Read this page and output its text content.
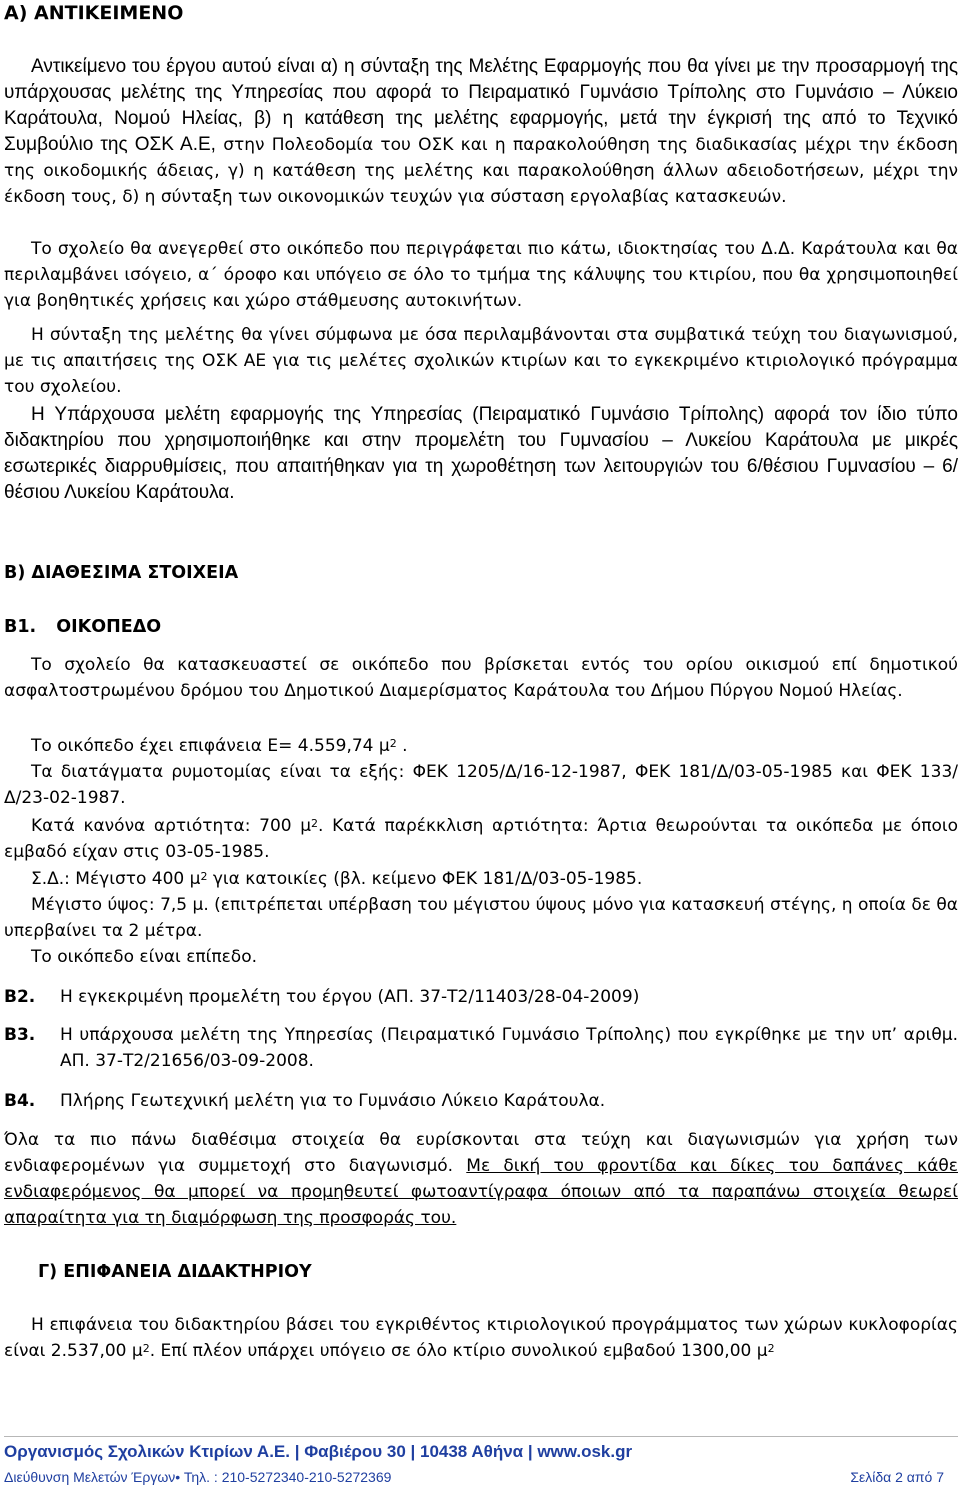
Α) ΑΝΤΙΚΕΙΜΕΝΟ
Αντικείμενο του έργου αυτού είναι α) η σύνταξη της Μελέτης Εφαρμογής που θα γίνει με την προσαρμογή της υπάρχουσας μελέτης της Υπηρεσίας που αφορά το Πειραματικό Γυμνάσιο Τρίπολης στο Γυμνάσιο – Λύκειο Καράτουλα, Νομού Ηλείας, β) η κατάθεση της μελέτης εφαρμογής, μετά την έγκρισή της από το Τεχνικό Συμβούλιο της ΟΣΚ Α.Ε, στην Πολεοδομία του ΟΣΚ και η παρακολούθηση της διαδικασίας μέχρι την έκδοση της οικοδομικής άδειας, γ) η κατάθεση της μελέτης και παρακολούθηση άλλων αδειοδοτήσεων, μέχρι την έκδοση τους, δ) η σύνταξη των οικονομικών τευχών για σύσταση εργολαβίας κατασκευών.
Το σχολείο θα ανεγερθεί στο οικόπεδο που περιγράφεται πιο κάτω, ιδιοκτησίας του Δ.Δ. Καράτουλα και θα περιλαμβάνει ισόγειο, α΄ όροφο και υπόγειο σε όλο το τμήμα της κάλυψης του κτιρίου, που θα χρησιμοποιηθεί για βοηθητικές χρήσεις και χώρο στάθμευσης αυτοκινήτων.
Η σύνταξη της μελέτης θα γίνει σύμφωνα με όσα περιλαμβάνονται στα συμβατικά τεύχη του διαγωνισμού, με τις απαιτήσεις της ΟΣΚ ΑΕ για τις μελέτες σχολικών κτιρίων και το εγκεκριμένο κτιριολογικό πρόγραμμα του σχολείου.
Η Υπάρχουσα μελέτη εφαρμογής της Υπηρεσίας (Πειραματικό Γυμνάσιο Τρίπολης) αφορά τον ίδιο τύπο διδακτηρίου που χρησιμοποιήθηκε και στην προμελέτη του Γυμνασίου – Λυκείου Καράτουλα με μικρές εσωτερικές διαρρυθμίσεις, που απαιτήθηκαν για τη χωροθέτηση των λειτουργιών του 6/θέσιου Γυμνασίου – 6/θέσιου Λυκείου Καράτουλα.
Β) ΔΙΑΘΕΣΙΜΑ ΣΤΟΙΧΕΙΑ
Β1. ΟΙΚΟΠΕΔΟ
Το σχολείο θα κατασκευαστεί σε οικόπεδο που βρίσκεται εντός του ορίου οικισμού επί δημοτικού ασφαλτοστρωμένου δρόμου του Δημοτικού Διαμερίσματος Καράτουλα του Δήμου Πύργου Νομού Ηλείας.
Το οικόπεδο έχει επιφάνεια Ε= 4.559,74 $\mu^2$ .
Τα διατάγματα ρυμοτομίας είναι τα εξής: ΦΕΚ 1205/Δ/16-12-1987, ΦΕΚ 181/Δ/03-05-1985 και ΦΕΚ 133/Δ/23-02-1987.
Κατά κανόνα αρτιότητα: 700 $\mu^2$. Κατά παρέκκλιση αρτιότητα: Άρτια θεωρούνται τα οικόπεδα με όποιο εμβαδό είχαν στις 03-05-1985.
Σ.Δ.: Μέγιστο 400 $\mu^2$ για κατοικίες (βλ. κείμενο ΦΕΚ 181/Δ/03-05-1985.
Μέγιστο ύψος: 7,5 μ. (επιτρέπεται υπέρβαση του μέγιστου ύψους μόνο για κατασκευή στέγης, η οποία δε θα υπερβαίνει τα 2 μέτρα.
Το οικόπεδο είναι επίπεδο.
Β2. Η εγκεκριμένη προμελέτη του έργου (ΑΠ. 37-Τ2/11403/28-04-2009)
Β3. Η υπάρχουσα μελέτη της Υπηρεσίας (Πειραματικό Γυμνάσιο Τρίπολης) που εγκρίθηκε με την υπ’ αριθμ. ΑΠ. 37-Τ2/21656/03-09-2008.
Β4. Πλήρης Γεωτεχνική μελέτη για το Γυμνάσιο Λύκειο Καράτουλα.
Όλα τα πιο πάνω διαθέσιμα στοιχεία θα ευρίσκονται στα τεύχη και διαγωνισμών για χρήση των ενδιαφερομένων για συμμετοχή στο διαγωνισμό. Με δική του φροντίδα και δίκες του δαπάνες κάθε ενδιαφερόμενος θα μπορεί να προμηθευτεί φωτοαντίγραφα όποιων από τα παραπάνω στοιχεία θεωρεί απαραίτητα για τη διαμόρφωση της προσφοράς του.
Γ) ΕΠΙΦΑΝΕΙΑ ΔΙΔΑΚΤΗΡΙΟΥ
Η επιφάνεια του διδακτηρίου βάσει του εγκριθέντος κτιριολογικού προγράμματος των χώρων κυκλοφορίας είναι 2.537,00 $\mu^2$. Επί πλέον υπάρχει υπόγειο σε όλο κτίριο συνολικού εμβαδού 1300,00 $\mu^2$
Οργανισμός Σχολικών Κτιρίων Α.Ε. | Φαβιέρου 30 | 10438 Αθήνα | www.osk.gr
Διεύθυνση Μελετών Έργων• Τηλ. : 210-5272340-210-5272369	Σελίδα 2 από 7
